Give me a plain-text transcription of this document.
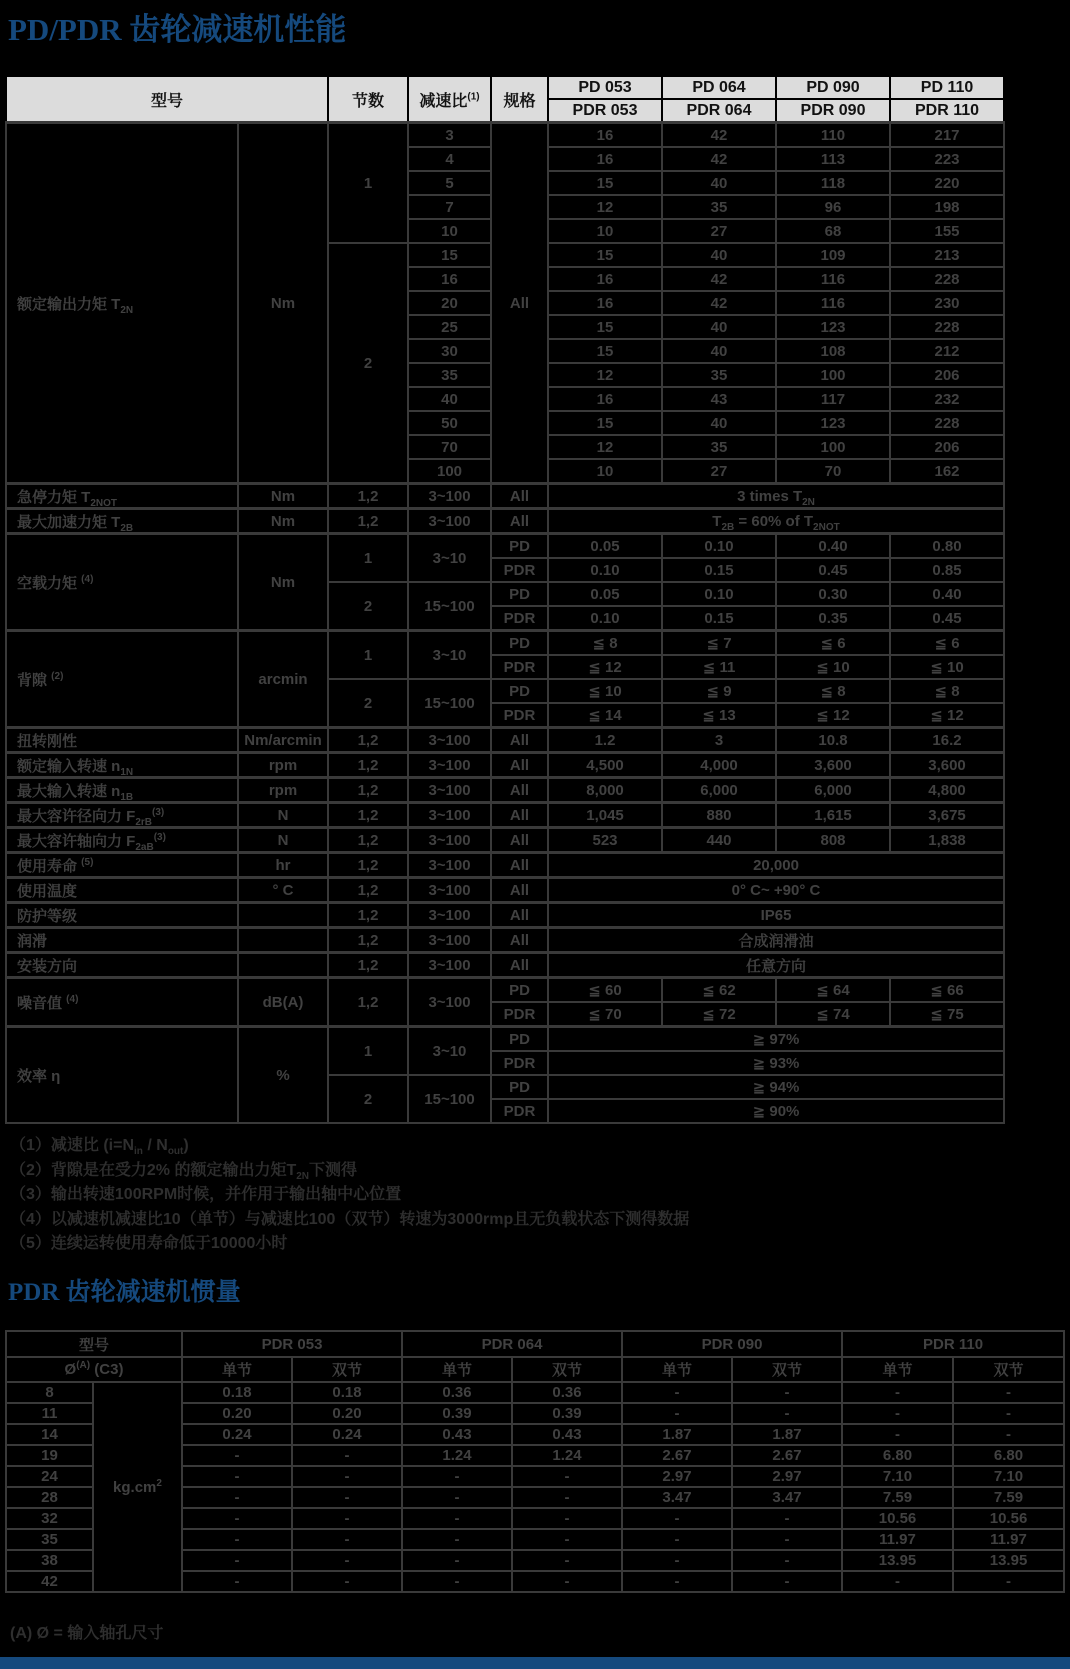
PD/PDR 齿轮减速机性能
型号		节数	减速比$^{(1)}$	规格	PD 053	PD 064	PD 090	PD 110
					PDR 053	PDR 064	PDR 090	PDR 110
额定输出力矩 $T_{2N}$	Nm	1	3	All	16	42	110	217
			4		16	42	113	223
			5		15	40	118	220
			7		12	35	96	198
			10		10	27	68	155
		2	15		15	40	109	213
			16		16	42	116	228
			20		16	42	116	230
			25		15	40	123	228
			30		15	40	108	212
			35		12	35	100	206
			40		16	43	117	232
			50		15	40	123	228
			70		12	35	100	206
			100		10	27	70	162
急停力矩 $T_{2NOT}$	Nm	1,2	3~100	All	3 times $T_{2N}$
最大加速力矩 $T_{2B}$	Nm	1,2	3~100	All	$T_{2B} = 60\%$ of $T_{2NOT}$
空载力矩 $^{(4)}$	Nm	1	3~10	PD	0.05	0.10	0.40	0.80
				PDR	0.10	0.15	0.45	0.85
		2	15~100	PD	0.05	0.10	0.30	0.40
				PDR	0.10	0.15	0.35	0.45
背隙 $^{(2)}$	arcmin	1	3~10	PD	≦ 8	≦ 7	≦ 6	≦ 6
				PDR	≦ 12	≦ 11	≦ 10	≦ 10
		2	15~100	PD	≦ 10	≦ 9	≦ 8	≦ 8
				PDR	≦ 14	≦ 13	≦ 12	≦ 12
扭转刚性	Nm/arcmin	1,2	3~100	All	1.2	3	10.8	16.2
额定输入转速 $n_{1N}$	rpm	1,2	3~100	All	4,500	4,000	3,600	3,600
最大输入转速 $n_{1B}$	rpm	1,2	3~100	All	8,000	6,000	6,000	4,800
最大容许径向力 $F_{2rB}^{(3)}$	N	1,2	3~100	All	1,045	880	1,615	3,675
最大容许轴向力 $F_{2aB}^{(3)}$	N	1,2	3~100	All	523	440	808	1,838
使用寿命 $^{(5)}$	hr	1,2	3~100	All	20,000			
使用温度	° C	1,2	3~100	All	0° C~ +90° C			
防护等级		1,2	3~100	All	IP65			
润滑		1,2	3~100	All	合成润滑油			
安装方向		1,2	3~100	All	任意方向			
噪音值 $^{(4)}$	dB(A)	1,2	3~100	PD	≦ 60	≦ 62	≦ 64	≦ 66
				PDR	≦ 70	≦ 72	≦ 74	≦ 75
效率 η	%	1	3~10	PD	≧ 97%			
				PDR	≧ 93%			
		2	15~100	PD	≧ 94%			
				PDR	≧ 90%			
（1）减速比 $(i=N_{in} / N_{out})$
（2）背隙是在受力2% 的额定输出力矩$T_{2N}$下测得
（3）输出转速100RPM时候，并作用于输出轴中心位置
（4）以减速机减速比10（单节）与减速比100（双节）转速为3000rmp且无负载状态下测得数据
（5）连续运转使用寿命低于10000小时
PDR 齿轮减速机惯量
型号		PDR 053		PDR 064		PDR 090		PDR 110	
$Ø^{(A)}$ (C3)		单节	双节	单节	双节	单节	双节	单节	双节
8	$kg.cm^2$	0.18	0.18	0.36	0.36	-	-	-	-
11		0.20	0.20	0.39	0.39	-	-	-	-
14		0.24	0.24	0.43	0.43	1.87	1.87	-	-
19		-	-	1.24	1.24	2.67	2.67	6.80	6.80
24		-	-	-	-	2.97	2.97	7.10	7.10
28		-	-	-	-	3.47	3.47	7.59	7.59
32		-	-	-	-	-	-	10.56	10.56
35		-	-	-	-	-	-	11.97	11.97
38		-	-	-	-	-	-	13.95	13.95
42		-	-	-	-	-	-	-	-
(A) Ø = 输入轴孔尺寸
